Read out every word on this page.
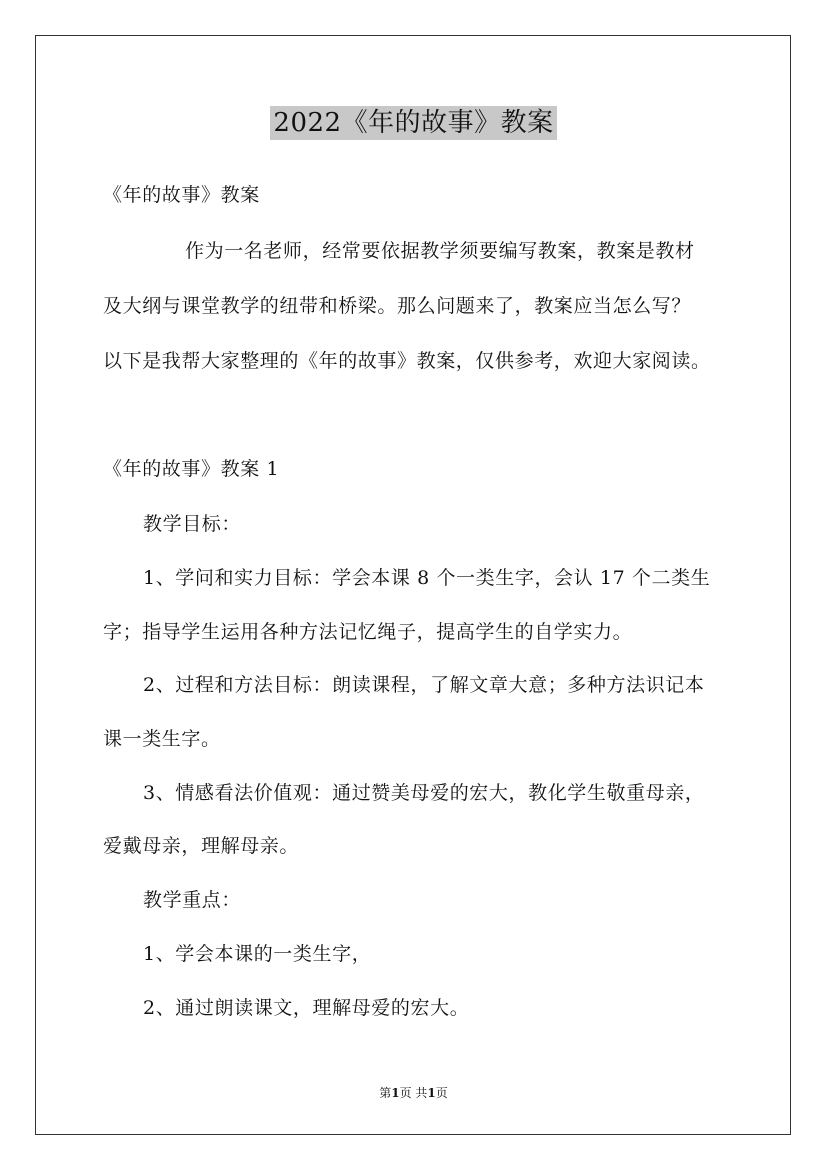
2022《年的故事》教案
《年的故事》教案
作为一名老师，经常要依据教学须要编写教案，教案是教材
及大纲与课堂教学的纽带和桥梁。那么问题来了，教案应当怎么写？
以下是我帮大家整理的《年的故事》教案，仅供参考，欢迎大家阅读。
《年的故事》教案 1
教学目标：
1、学问和实力目标：学会本课 8 个一类生字，会认 17 个二类生
字；指导学生运用各种方法记忆绳子，提高学生的自学实力。
2、过程和方法目标：朗读课程，了解文章大意；多种方法识记本
课一类生字。
3、情感看法价值观：通过赞美母爱的宏大，教化学生敬重母亲，
爱戴母亲，理解母亲。
教学重点：
1、学会本课的一类生字，
2、通过朗读课文，理解母爱的宏大。
第1页 共1页
